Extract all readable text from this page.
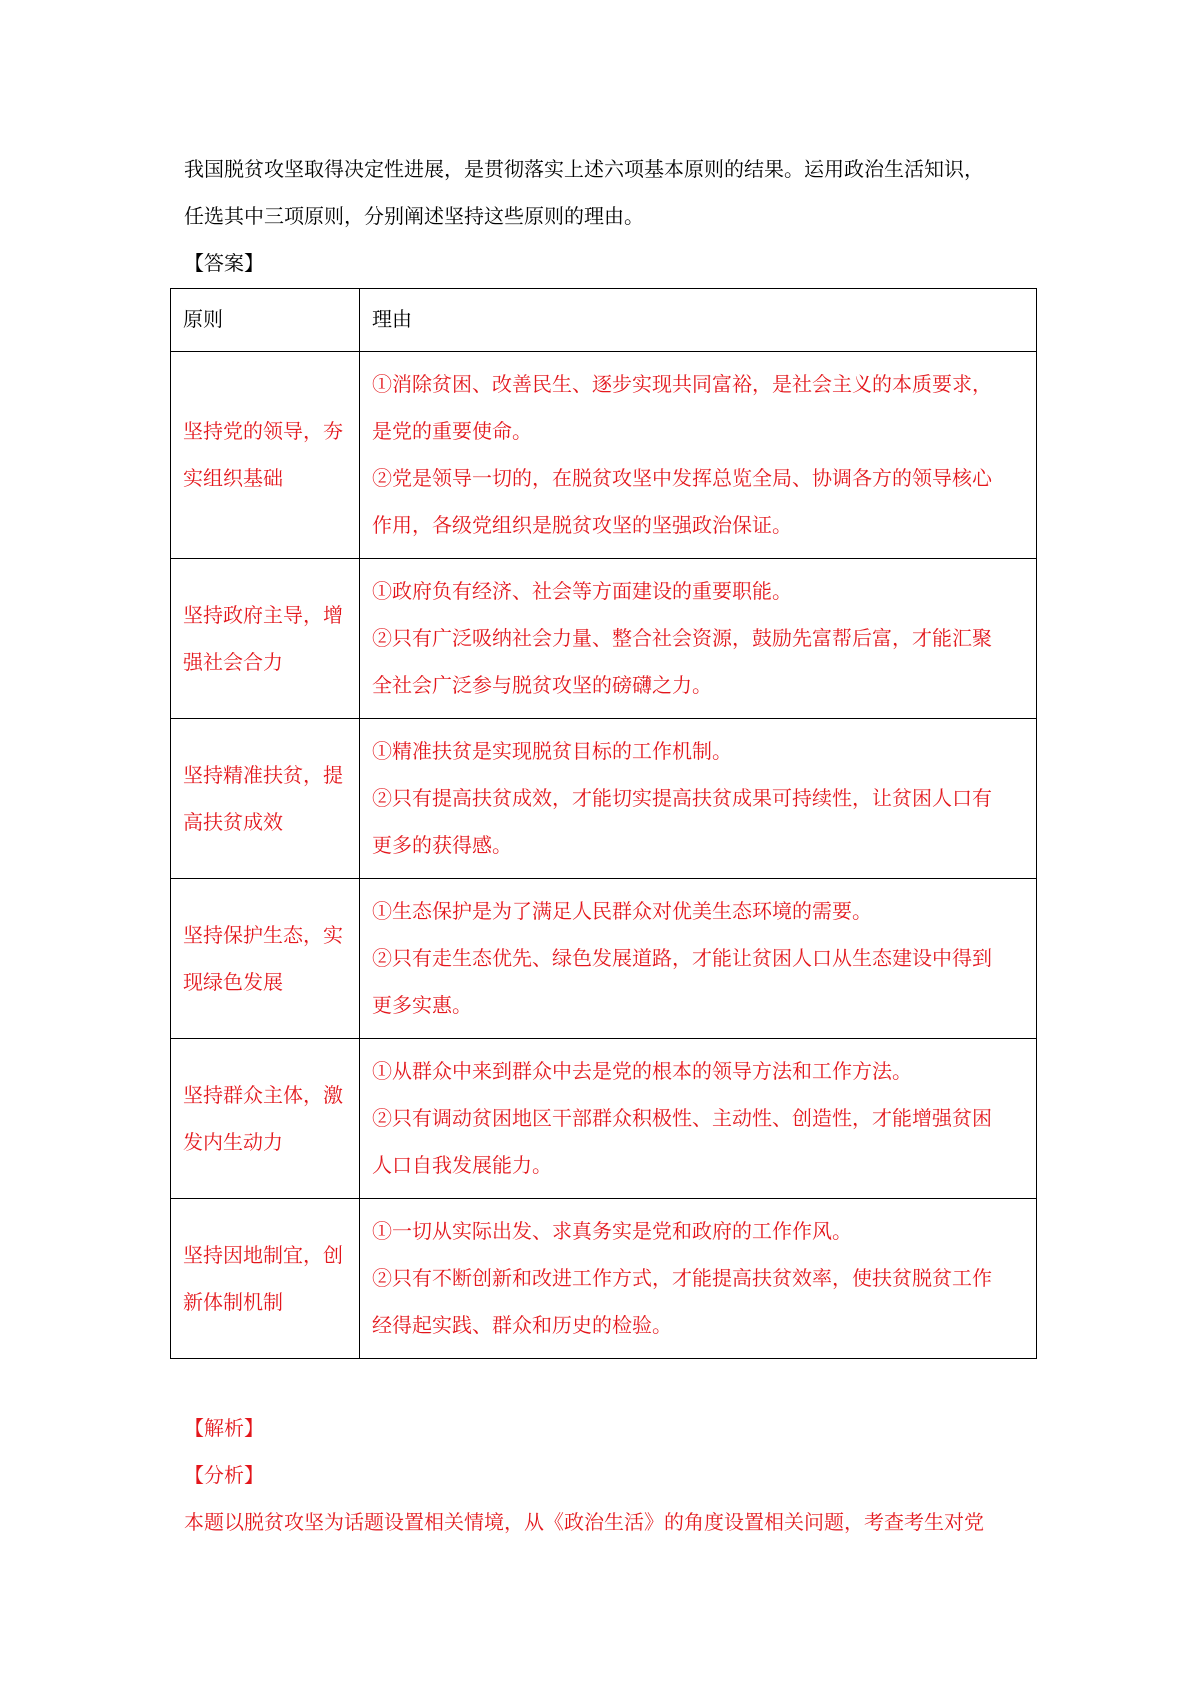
我国脱贫攻坚取得决定性进展，是贯彻落实上述六项基本原则的结果。运用政治生活知识，
任选其中三项原则，分别阐述坚持这些原则的理由。

【答案】
原则	理由

坚持党的领导，夯
实组织基础	①消除贫困、改善民生、逐步实现共同富裕，是社会主义的本质要求，
是党的重要使命。
②党是领导一切的，在脱贫攻坚中发挥总览全局、协调各方的领导核心
作用，各级党组织是脱贫攻坚的坚强政治保证。

坚持政府主导，增
强社会合力	①政府负有经济、社会等方面建设的重要职能。
②只有广泛吸纳社会力量、整合社会资源，鼓励先富帮后富，才能汇聚
全社会广泛参与脱贫攻坚的磅礴之力。

坚持精准扶贫，提
高扶贫成效	①精准扶贫是实现脱贫目标的工作机制。
②只有提高扶贫成效，才能切实提高扶贫成果可持续性，让贫困人口有
更多的获得感。

坚持保护生态，实
现绿色发展	①生态保护是为了满足人民群众对优美生态环境的需要。
②只有走生态优先、绿色发展道路，才能让贫困人口从生态建设中得到
更多实惠。

坚持群众主体，激
发内生动力	①从群众中来到群众中去是党的根本的领导方法和工作方法。
②只有调动贫困地区干部群众积极性、主动性、创造性，才能增强贫困
人口自我发展能力。

坚持因地制宜，创
新体制机制	①一切从实际出发、求真务实是党和政府的工作作风。
②只有不断创新和改进工作方式，才能提高扶贫效率，使扶贫脱贫工作
经得起实践、群众和历史的检验。
【解析】
【分析】
本题以脱贫攻坚为话题设置相关情境，从《政治生活》的角度设置相关问题，考查考生对党
